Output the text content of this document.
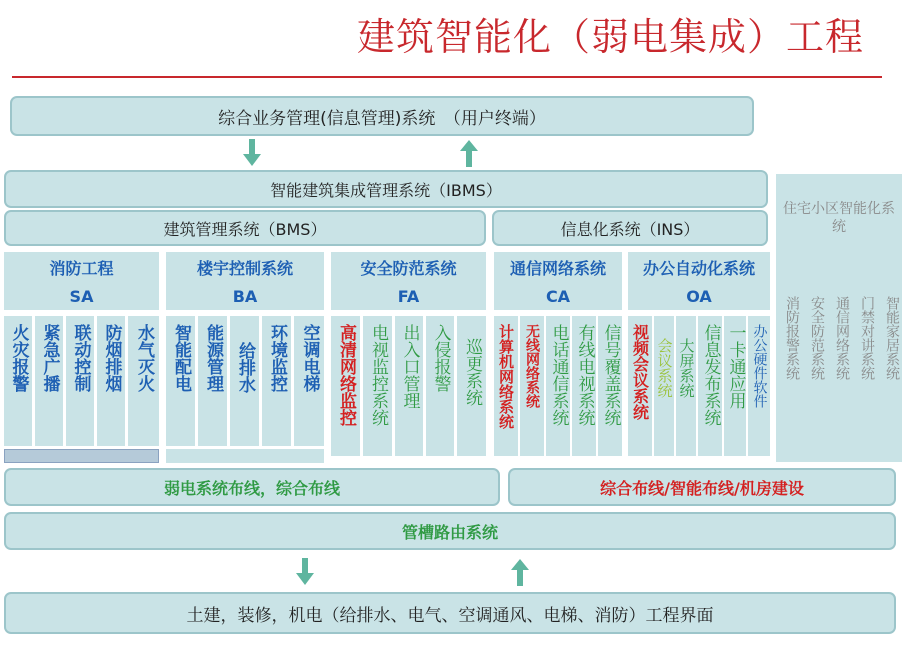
建筑智能化（弱电集成）工程
综合业务管理(信息管理)系统　（用户终端）
智能建筑集成管理系统（IBMS）
建筑管理系统（BMS）	信息化系统（INS）
住宅小区智能化系统
消防报警系统 安全防范系统 通信网络系统 门禁对讲系统 智能家居系统
消防工程
SA
楼宇控制系统
BA
安全防范系统
FA
通信网络系统
CA
办公自动化系统
OA
火灾报警 紧急广播 联动控制 防烟排烟 水气灭火 智能配电 能源管理 给排水 环境监控 空调电梯 高清网络监控 电视监控系统 出入口管理 入侵报警 巡更系统 计算机网络系统 无线网络系统 电话通信系统 有线电视系统 信号覆盖系统 视频会议系统 会议系统 大屏系统 信息发布系统 一卡通应用 办公硬件软件
弱电系统布线，综合布线	综合布线/智能布线/机房建设
管槽路由系统
土建，装修，机电（给排水、电气、空调通风、电梯、消防）工程界面
